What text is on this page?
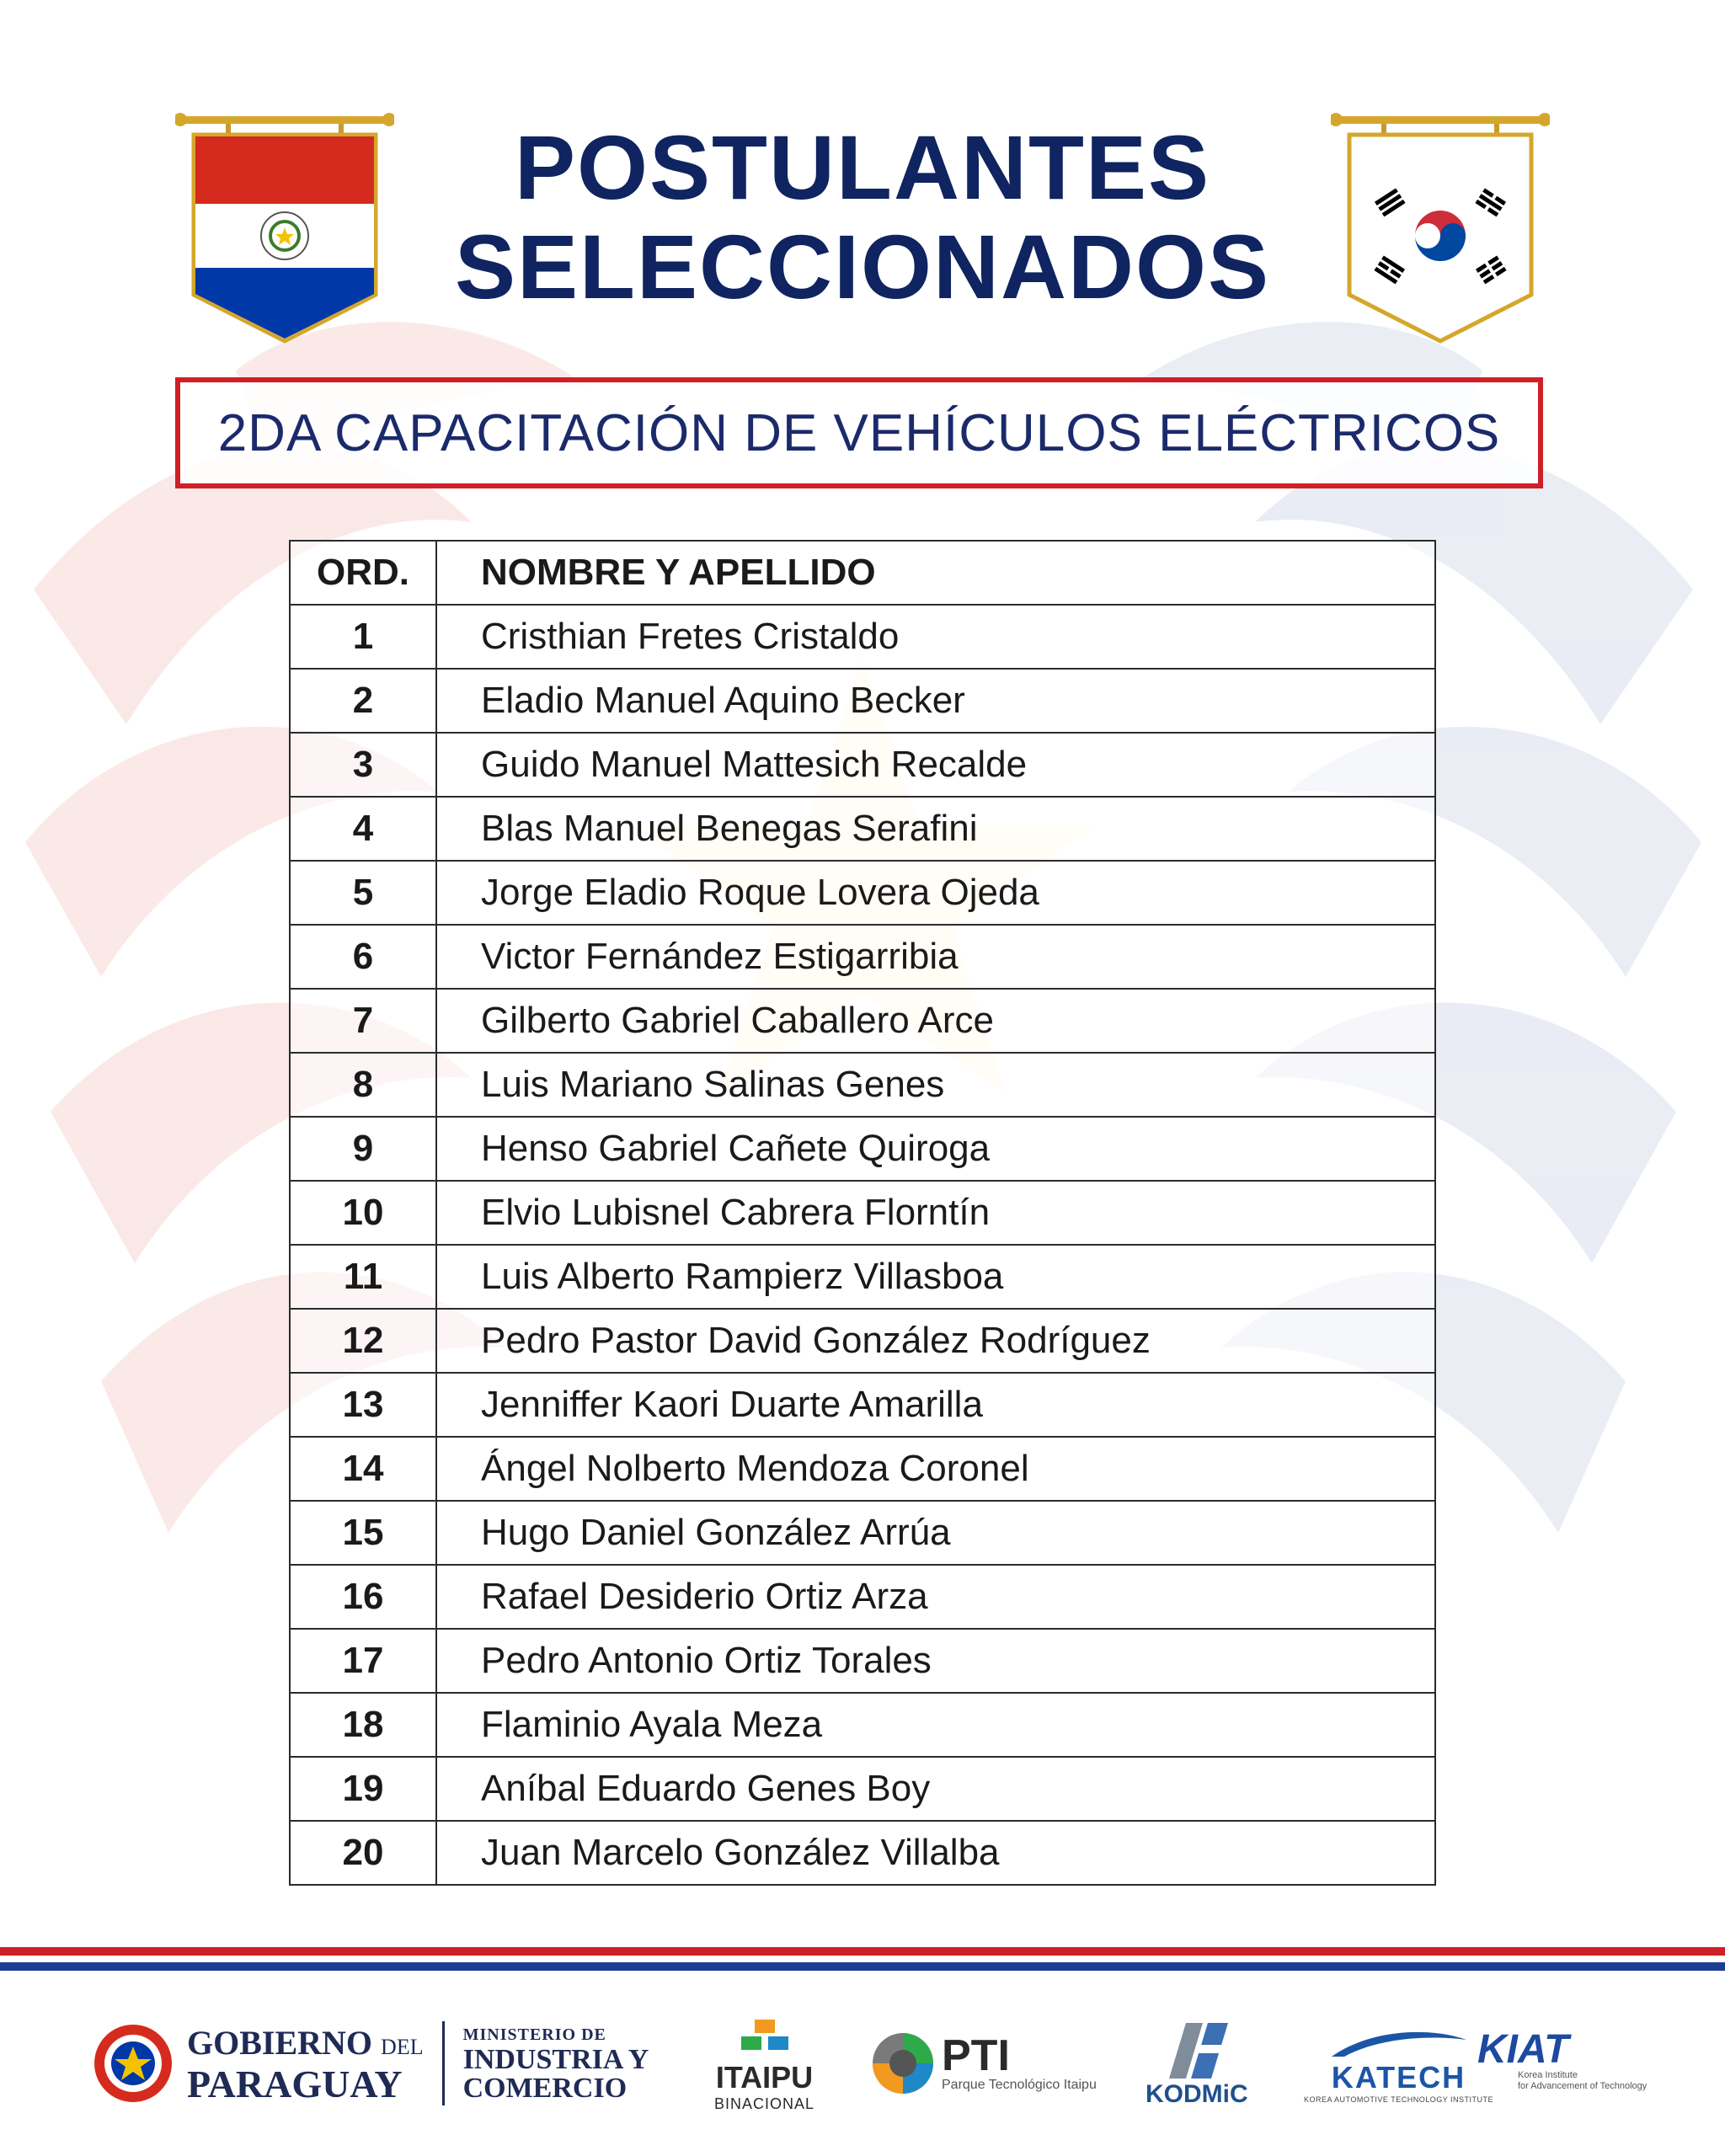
POSTULANTES
SELECCIONADOS
2DA CAPACITACIÓN DE VEHÍCULOS ELÉCTRICOS
ORD.	NOMBRE Y APELLIDO
1	Cristhian Fretes Cristaldo
2	Eladio Manuel Aquino Becker
3	Guido Manuel Mattesich Recalde
4	Blas Manuel Benegas Serafini
5	Jorge Eladio Roque Lovera Ojeda
6	Victor Fernández Estigarribia
7	Gilberto Gabriel Caballero Arce
8	Luis Mariano Salinas Genes
9	Henso Gabriel Cañete Quiroga
10	Elvio Lubisnel Cabrera Florntín
11	Luis Alberto Rampierz Villasboa
12	Pedro Pastor David González Rodríguez
13	Jenniffer Kaori Duarte Amarilla
14	Ángel Nolberto Mendoza Coronel
15	Hugo Daniel González Arrúa
16	Rafael Desiderio Ortiz Arza
17	Pedro Antonio Ortiz Torales
18	Flaminio Ayala Meza
19	Aníbal Eduardo Genes Boy
20	Juan Marcelo González Villalba
GOBIERNO DEL
PARAGUAY
MINISTERIO DE
INDUSTRIA Y
COMERCIO	ITAIPU
BINACIONAL
PTI
Parque Tecnológico Itaipu KODMiC	KATECH
KOREA AUTOMOTIVE TECHNOLOGY INSTITUTE
KIAT
Korea Institute
for Advancement of Technology
